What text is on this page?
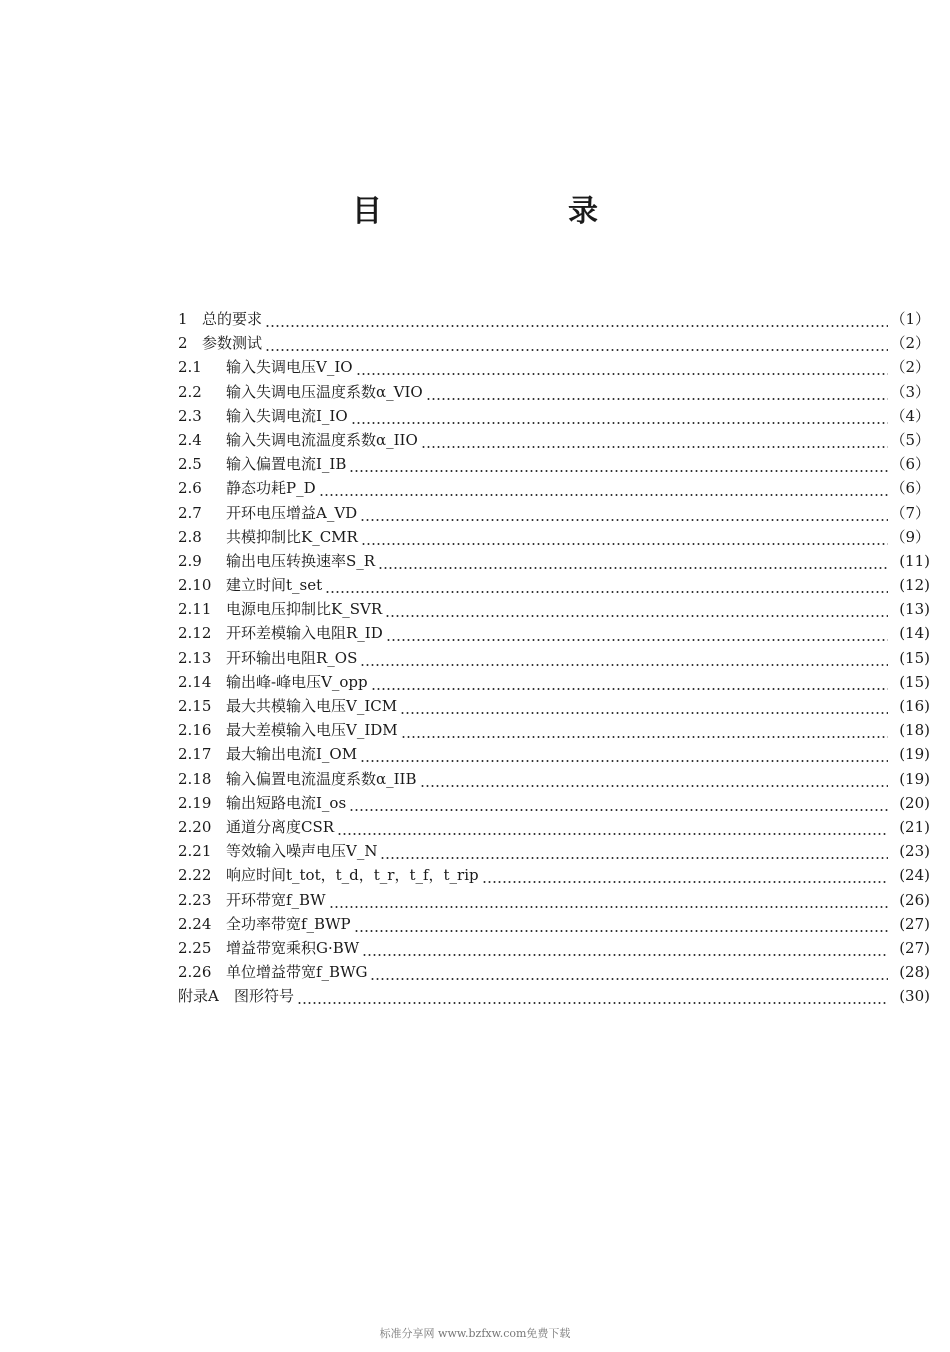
目　录
1 总的要求	（1）
2 参数测试	（2）
2.1	输入失调电压V_IO	（2）
2.2	输入失调电压温度系数α_VIO	（3）
2.3	输入失调电流I_IO	（4）
2.4	输入失调电流温度系数α_IIO	（5）
2.5	输入偏置电流I_IB	（6）
2.6	静态功耗P_D	（6）
2.7	开环电压增益A_VD	（7）
2.8	共模抑制比K_CMR	（9）
2.9	输出电压转换速率S_R	(11)
2.10 建立时间t_set	(12)
2.11 电源电压抑制比K_SVR	(13)
2.12 开环差模输入电阻R_ID	(14)
2.13 开环输出电阻R_OS	(15)
2.14 输出峰-峰电压V_opp	(15)
2.15 最大共模输入电压V_ICM	(16)
2.16 最大差模输入电压V_IDM	(18)
2.17 最大输出电流I_OM	(19)
2.18 输入偏置电流温度系数α_IIB	(19)
2.19 输出短路电流I_os	(20)
2.20 通道分离度CSR	(21)
2.21 等效输入噪声电压V_N	(23)
2.22 响应时间t_tot，t_d，t_r，t_f，t_rip	(24)
2.23 开环带宽f_BW	(26)
2.24 全功率带宽f_BWP	(27)
2.25 增益带宽乘积G·BW	(27)
2.26 单位增益带宽f_BWG	(28)
附录A	图形符号	(30)
标准分享网 www.bzfxw.com免费下载
